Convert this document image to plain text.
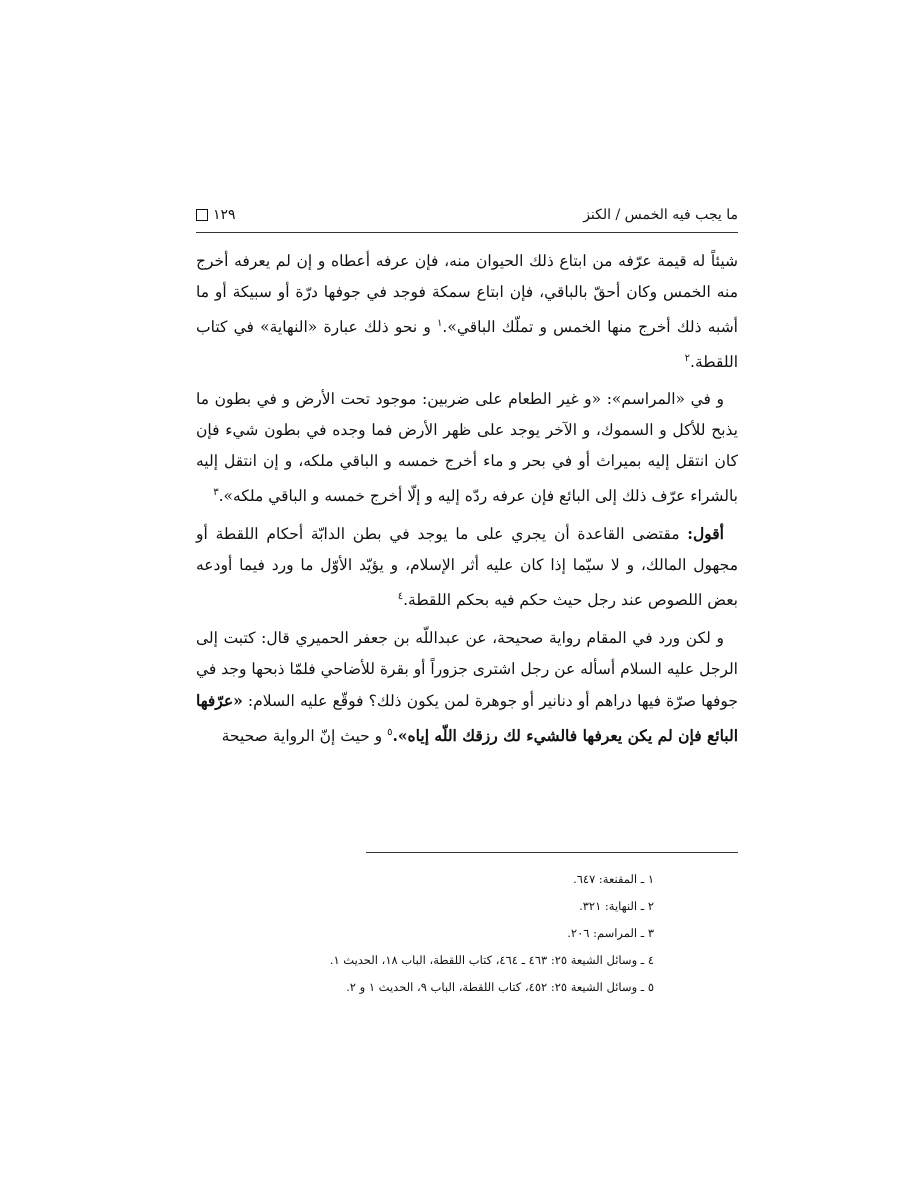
١٢٩	ما يجب فيه الخمس / الكنز

شيئاً له قيمة عرّفه من ابتاع ذلك الحيوان منه، فإن عرفه أعطاه و إن لم يعرفه أخرج منه الخمس وكان أحقّ بالباقي، فإن ابتاع سمكة فوجد في جوفها درّة أو سبيكة أو ما أشبه ذلك أخرج منها الخمس و تملّك الباقي».$^١$ و نحو ذلك عبارة «النهاية» في كتاب اللقطة.$^٢$

و في «المراسم»: «و غير الطعام على ضربين: موجود تحت الأرض و في بطون ما يذبح للأكل و السموك، و الآخر يوجد على ظهر الأرض فما وجده في بطون شيء فإن كان انتقل إليه بميراث أو في بحر و ماء أخرج خمسه و الباقي ملكه، و إن انتقل إليه بالشراء عرّف ذلك إلى البائع فإن عرفه ردّه إليه و إلّا أخرج خمسه و الباقي ملكه».$^٣$

أقول: مقتضى القاعدة أن يجري على ما يوجد في بطن الدابّة أحكام اللقطة أو مجهول المالك، و لا سيّما إذا كان عليه أثر الإسلام، و يؤيّد الأوّل ما ورد فيما أودعه بعض اللصوص عند رجل حيث حكم فيه بحكم اللقطة.$^٤$

و لكن ورد في المقام رواية صحيحة، عن عبداللّه بن جعفر الحميري قال: كتبت إلى الرجل عليه السلام أسأله عن رجل اشترى جزوراً أو بقرة للأضاحي فلمّا ذبحها وجد في جوفها صرّة فيها دراهم أو دنانير أو جوهرة لمن يكون ذلك؟ فوقّع عليه السلام: «عرّفها البائع فإن لم يكن يعرفها فالشيء لك رزقك اللّه إياه».$^٥$ و حيث إنّ الرواية صحيحة

١ ـ المقنعة: ٦٤٧.
٢ ـ النهاية: ٣٢١.
٣ ـ المراسم: ٢٠٦.
٤ ـ وسائل الشيعة ٢٥: ٤٦٣ ـ ٤٦٤، كتاب اللقطة، الباب ١٨، الحديث ١.
٥ ـ وسائل الشيعة ٢٥: ٤٥٢، كتاب اللقطة، الباب ٩، الحديث ١ و ٢.
